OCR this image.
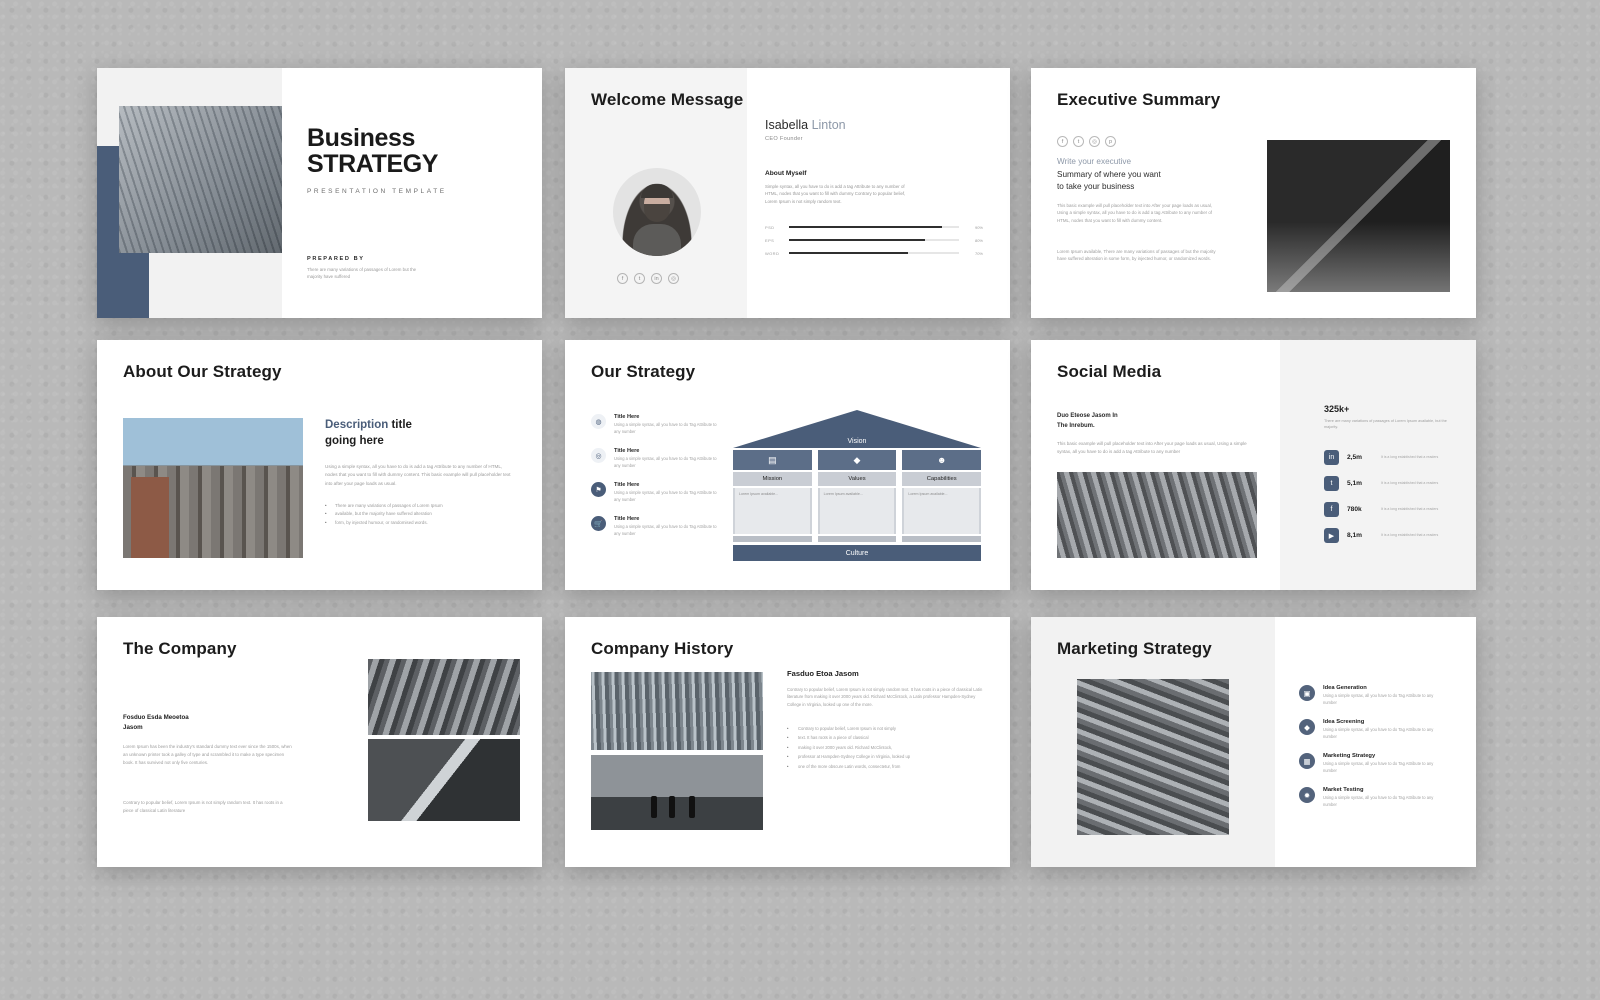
Business
STRATEGY
PRESENTATION TEMPLATE
PREPARED BY
There are many variations of passages of Lorem but the majority have suffered
Welcome Message
f	t	in	◎
Isabella Linton
CEO Founder
About Myself
Simple syntax, all you have to do is add a tag Attribute to any number of HTML, nodes that you want to fill with dummy Contrary to popular belief, Lorem Ipsum is not simply random text.
PSD	90%
EPS	80%
WORD	70%
Executive Summary
f	t	◎	p
Write your executive
Summary of where you want
to take your business
This basic example will pull placeholder text into After your page loads as usual, Using a simple syntax, all you have to do is add a tag Attribute to any number of HTML, nodes that you want to fill with dummy content.
Lorem Ipsum available, There are many variations of passages of but the majority have suffered alteration in some form, by injected humor, or randomized words.
About Our Strategy
Description title
going here

Using a simple syntax, all you have to do is add a tag Attribute to any number of HTML, nodes that you want to fill with dummy content. This basic example will pull placeholder text into after your page loads as usual.

• There are many variations of passages of Lorem Ipsum
• available, but the majority have suffered alteration
• form, by injected humour, or randomised words.
Our Strategy
◍
Title Here

Using a simple syntax, all you have to do Tag Attribute to any number

◎
Title Here

Using a simple syntax, all you have to do Tag Attribute to any number

⚑
Title Here

Using a simple syntax, all you have to do Tag Attribute to any number

🛒
Title Here

Using a simple syntax, all you have to do Tag Attribute to any number

Vision
▤
Mission
Lorem Ipsum available...
◆
Values
Lorem Ipsum available...
☻
Capabilities
Lorem Ipsum available...
Culture
325k+
There are many variations of passages of Lorem Ipsum available, but the majority.
in	2,5m	It is a long established that a readers
t	5,1m	It is a long established that a readers
f	780k	It is a long established that a readers
▶	8,1m	It is a long established that a readers
Social Media
Duo Eteose Jasom In
The Inrebum.
This basic example will pull placeholder text into After your page loads as usual, Using a simple syntax, all you have to do is add a tag Attribute to any number
The Company
Fosduo Esda Meoetoa
Jasom
Lorem Ipsum has been the industry's standard dummy text ever since the 1500s, when an unknown printer took a galley of type and scrambled it to make a type specimen book. It has survived not only five centuries.
Contrary to popular belief, Lorem Ipsum is not simply random text. It has roots in a piece of classical Latin literature
Company History
Fasduo Etoa Jasom

Contrary to popular belief, Lorem Ipsum is not simply random text. It has roots in a piece of classical Latin literature from making it over 2000 years old. Richard McClintock, a Latin professor Hampden-Sydney College in Virginia, looked up one of the more.

• Contrary to popular belief, Lorem Ipsum is not simply
• text. It has roots in a piece of classical
• making it over 2000 years old. Richard McClintock,
• professor at Hampden-Sydney College in Virginia, looked up
• one of the more obscure Latin words, consectetur, from
Marketing Strategy
▣
Idea Generation

Using a simple syntax, all you have to do Tag Attribute to any number

◆
Idea Screening

Using a simple syntax, all you have to do Tag Attribute to any number

▦
Marketing Strategy

Using a simple syntax, all you have to do Tag Attribute to any number

✹
Market Testing

Using a simple syntax, all you have to do Tag Attribute to any number
